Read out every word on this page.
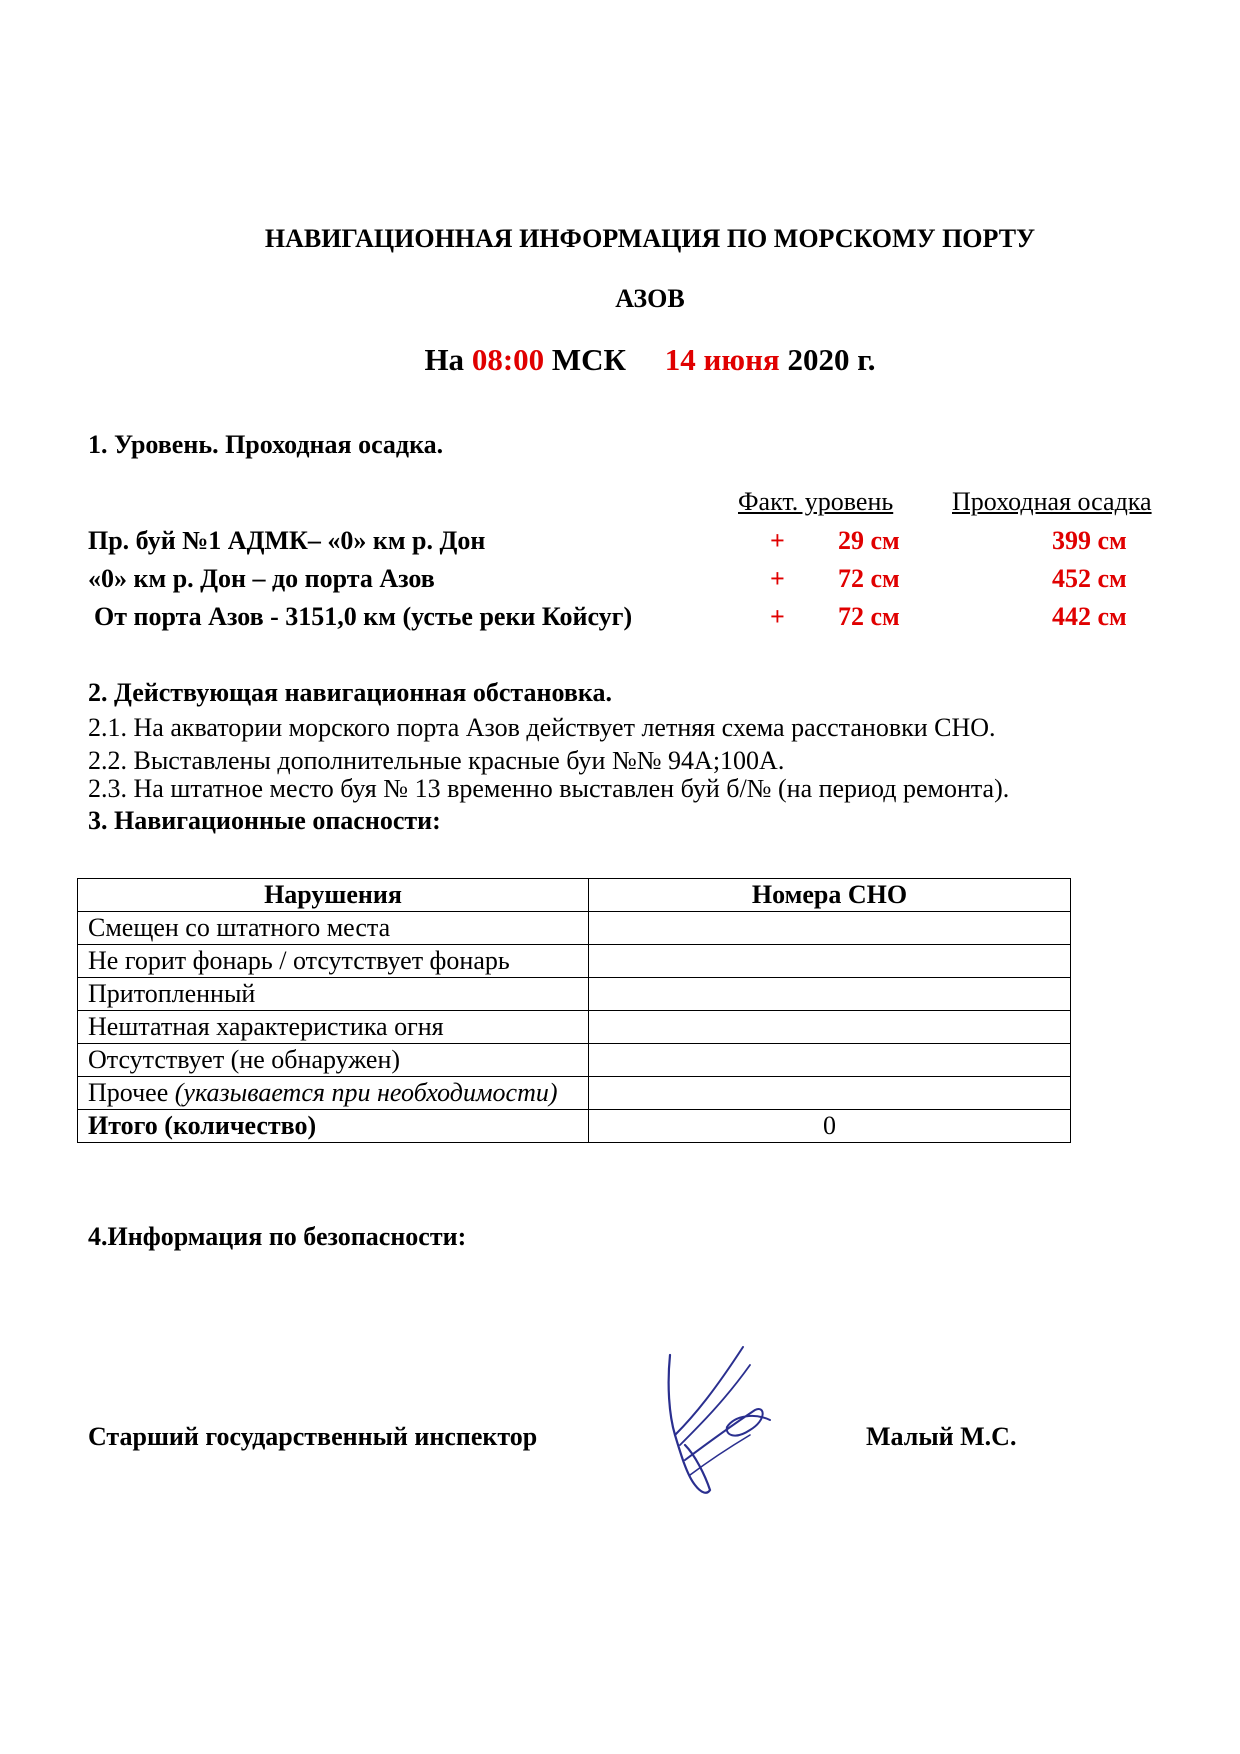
НАВИГАЦИОННАЯ ИНФОРМАЦИЯ ПО МОРСКОМУ ПОРТУ
АЗОВ
На 08:00 МСК 14 июня 2020 г.
1. Уровень. Проходная осадка.
Факт. уровень Проходная осадка
Пр. буй №1 АДМК– «0» км р. Дон	+ 29 см	399 см
«0» км р. Дон – до порта Азов	+ 72 см	452 см
От порта Азов - 3151,0 км (устье реки Койсуг)	+ 72 см	442 см
2. Действующая навигационная обстановка.
2.1. На акватории морского порта Азов действует летняя схема расстановки СНО.
2.2. Выставлены дополнительные красные буи №№ 94А;100А.
2.3. На штатное место буя № 13 временно выставлен буй б/№ (на период ремонта).
3. Навигационные опасности:
Нарушения	Номера СНО
Смещен со штатного места	
Не горит фонарь / отсутствует фонарь	
Притопленный	
Нештатная характеристика огня	
Отсутствует (не обнаружен)	
Прочее (указывается при необходимости)	
Итого (количество)	0
4.Информация по безопасности:
Старший государственный инспектор	Малый М.С.
